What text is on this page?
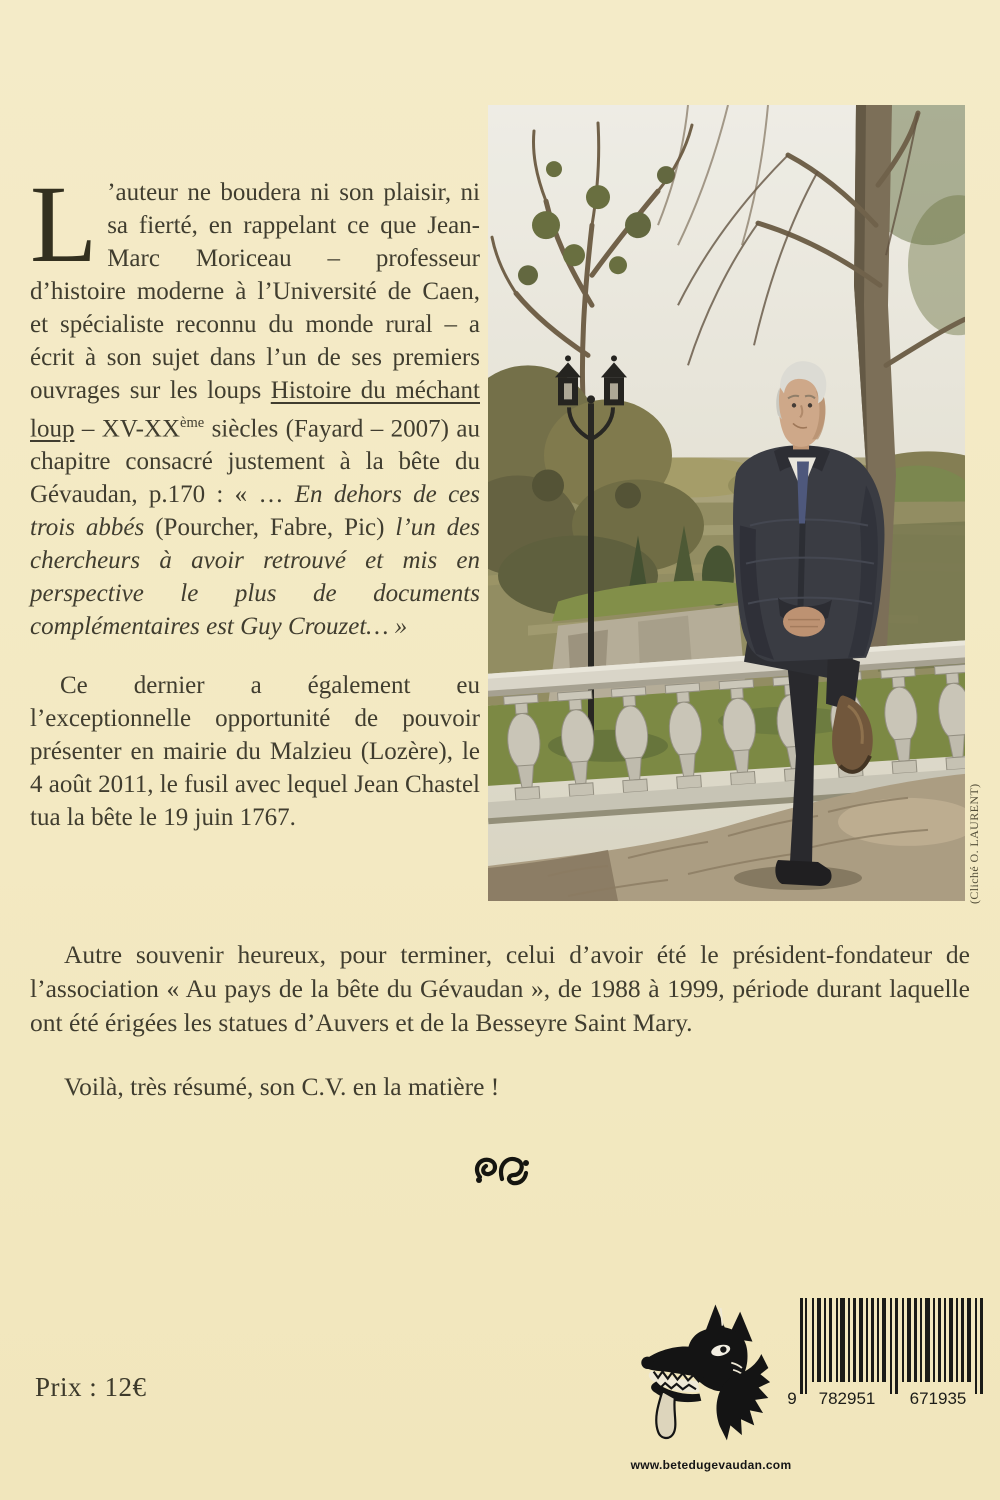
L ’auteur ne boudera ni son plaisir, ni sa fierté, en rappelant ce que Jean-Marc Moriceau – professeur d’histoire moderne à l’Université de Caen, et spécialiste reconnu du monde rural – a écrit à son sujet dans l’un de ses premiers ouvrages sur les loups Histoire du méchant loup – XV-XXème siècles (Fayard – 2007) au chapitre consacré justement à la bête du Gévaudan, p.170 : « … En dehors de ces trois abbés (Pourcher, Fabre, Pic) l’un des chercheurs à avoir retrouvé et mis en perspective le plus de documents complémentaires est Guy Crouzet… »

Ce dernier a également eu l’exceptionnelle opportunité de pouvoir présenter en mairie du Malzieu (Lozère), le 4 août 2011, le fusil avec lequel Jean Chastel tua la bête le 19 juin 1767.	(Cliché O. LAURENT)

Autre souvenir heureux, pour terminer, celui d’avoir été le président-fondateur de l’association « Au pays de la bête du Gévaudan », de 1988 à 1999, période durant laquelle ont été érigées les statues d’Auvers et de la Besseyre Saint Mary.

Voilà, très résumé, son C.V. en la matière !

Prix : 12€
www.betedugevaudan.com
9 782951 671935
